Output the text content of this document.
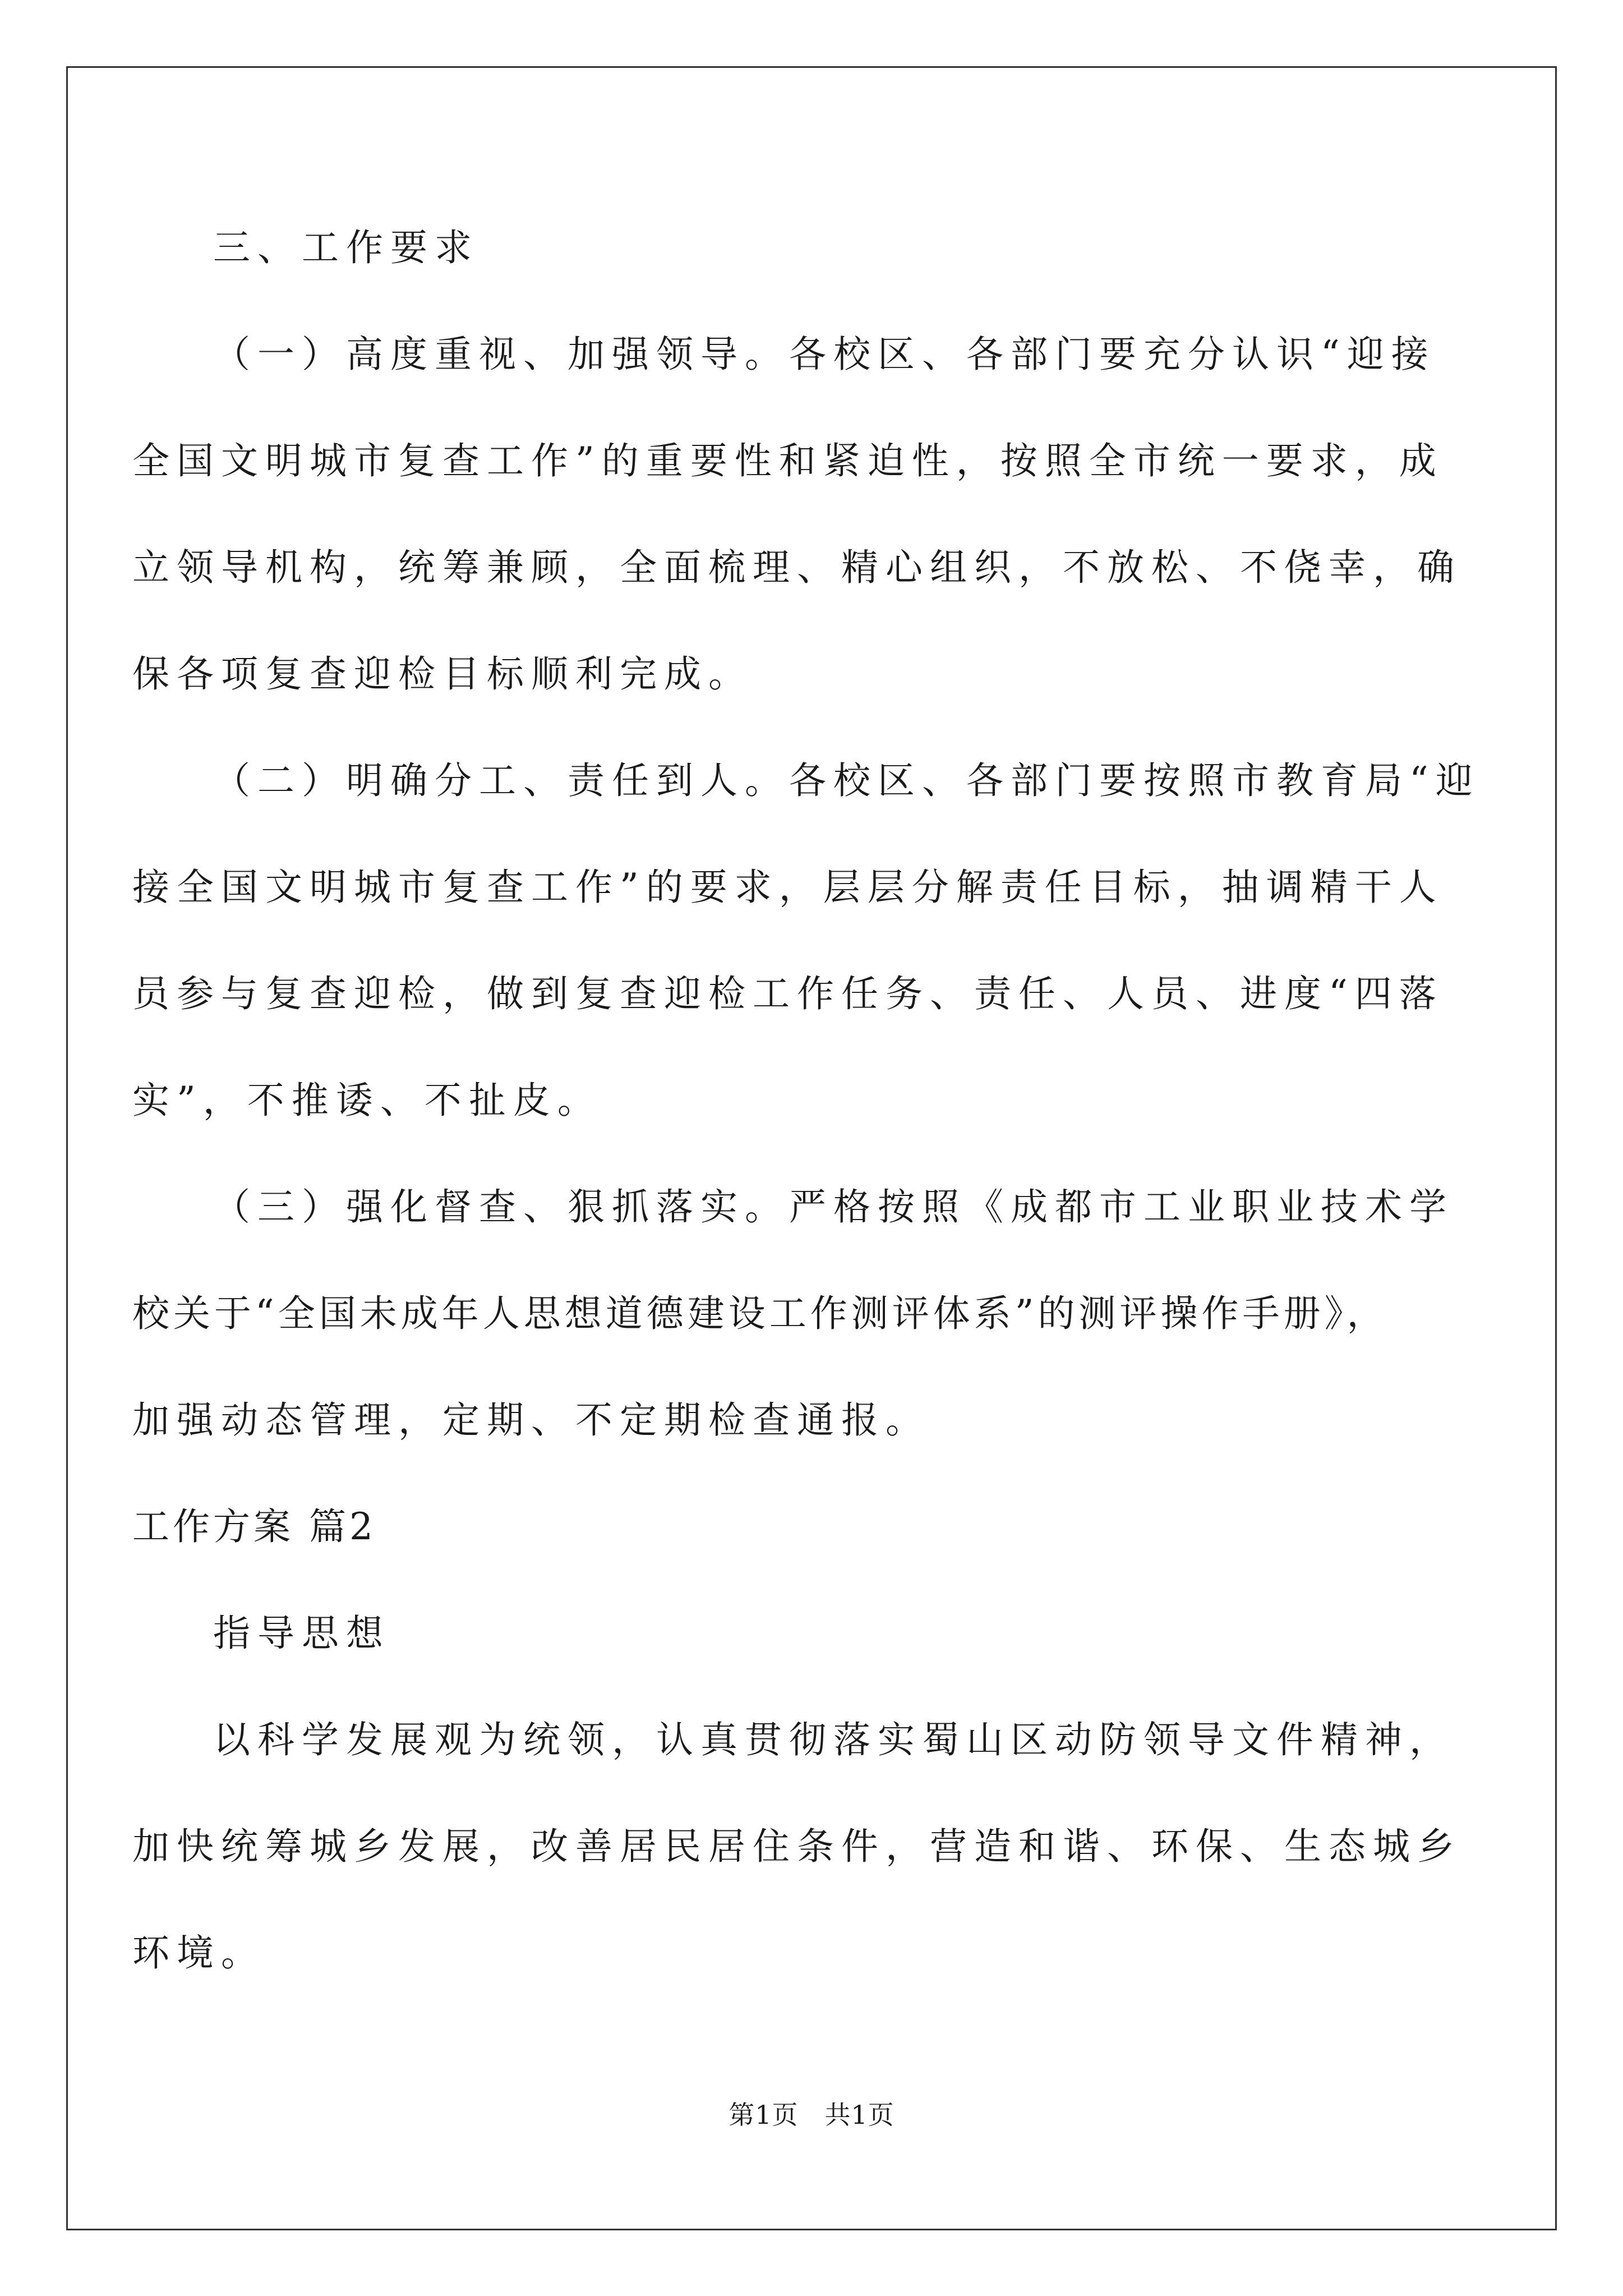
三、工作要求
（一）高度重视、加强领导。各校区、各部门要充分认识“迎接
全国文明城市复查工作”的重要性和紧迫性，按照全市统一要求，成
立领导机构，统筹兼顾，全面梳理、精心组织，不放松、不侥幸，确
保各项复查迎检目标顺利完成。
（二）明确分工、责任到人。各校区、各部门要按照市教育局“迎
接全国文明城市复查工作”的要求，层层分解责任目标，抽调精干人
员参与复查迎检，做到复查迎检工作任务、责任、人员、进度“四落
实”，不推诿、不扯皮。
（三）强化督查、狠抓落实。严格按照《成都市工业职业技术学
校关于“全国未成年人思想道德建设工作测评体系”的测评操作手册》，
加强动态管理，定期、不定期检查通报。
工作方案 篇2
指导思想
以科学发展观为统领，认真贯彻落实蜀山区动防领导文件精神，
加快统筹城乡发展，改善居民居住条件，营造和谐、环保、生态城乡
环境。
第1页　共1页
